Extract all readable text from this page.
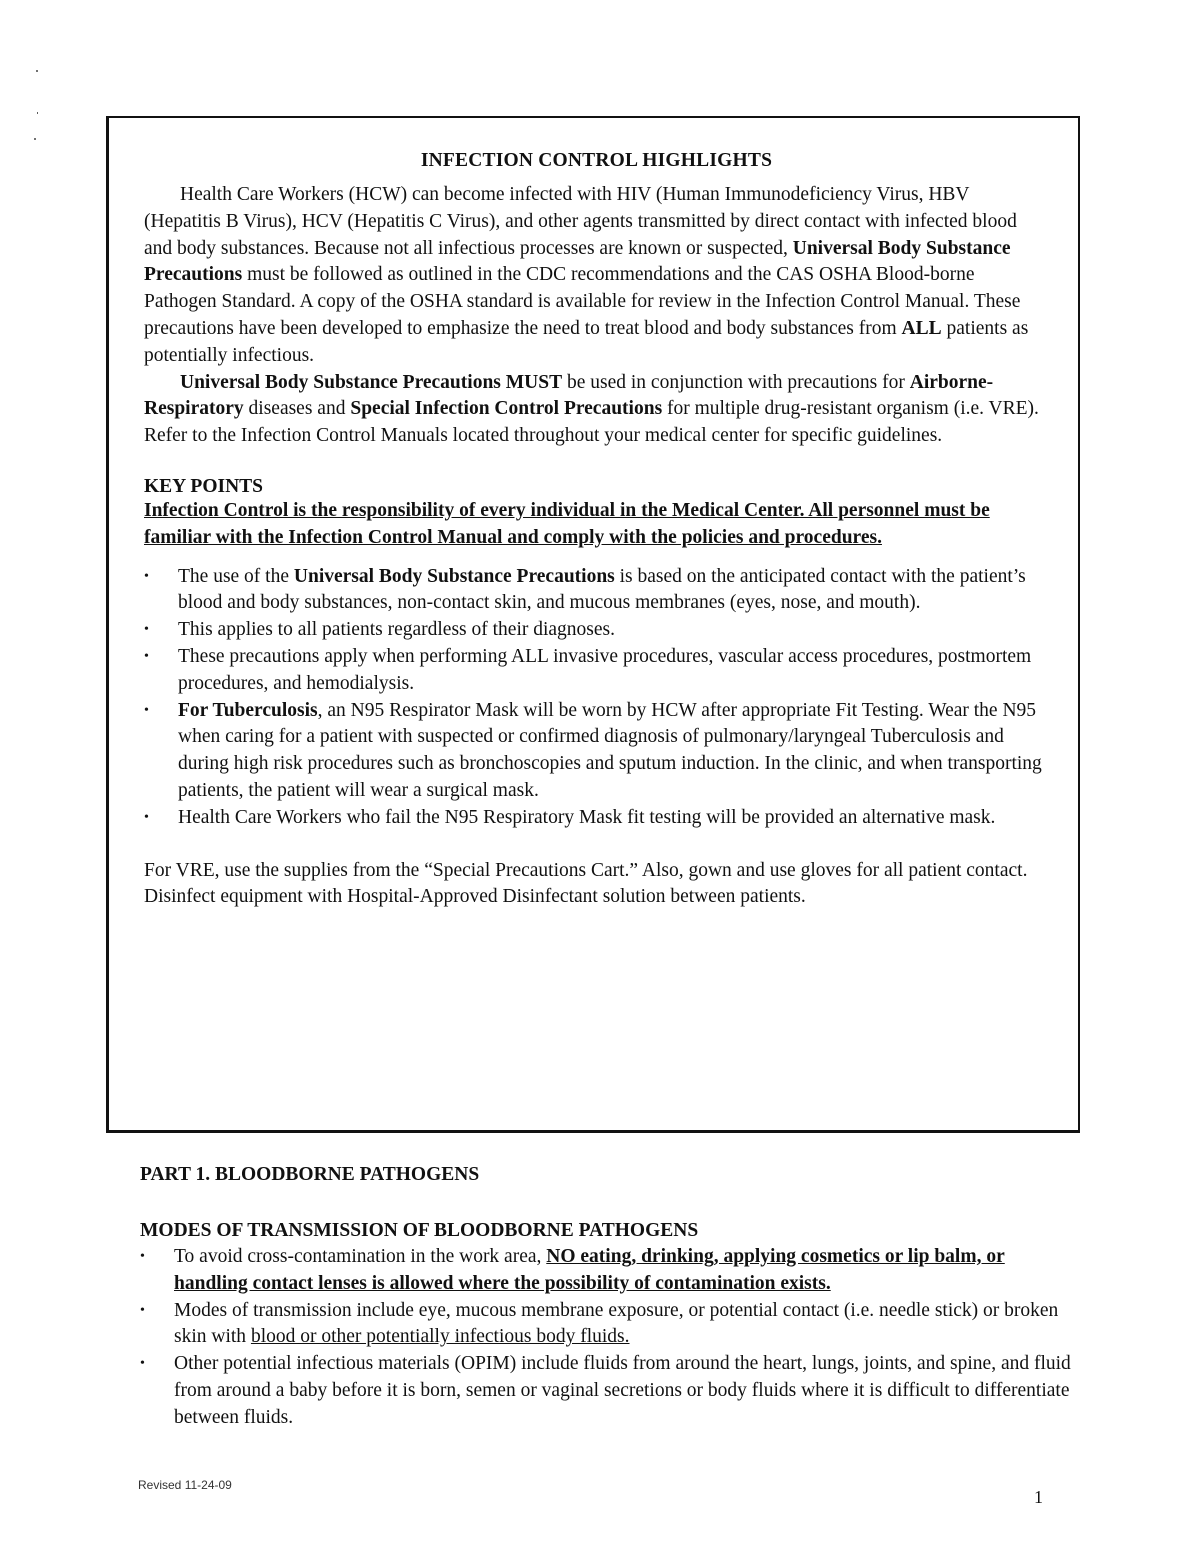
INFECTION CONTROL HIGHLIGHTS

Health Care Workers (HCW) can become infected with HIV (Human Immunodeficiency Virus, HBV (Hepatitis B Virus), HCV (Hepatitis C Virus), and other agents transmitted by direct contact with infected blood and body substances. Because not all infectious processes are known or suspected, Universal Body Substance Precautions must be followed as outlined in the CDC recommendations and the CAS OSHA Blood-borne Pathogen Standard. A copy of the OSHA standard is available for review in the Infection Control Manual. These precautions have been developed to emphasize the need to treat blood and body substances from ALL patients as potentially infectious.

Universal Body Substance Precautions MUST be used in conjunction with precautions for Airborne-Respiratory diseases and Special Infection Control Precautions for multiple drug-resistant organism (i.e. VRE). Refer to the Infection Control Manuals located throughout your medical center for specific guidelines.

KEY POINTS
Infection Control is the responsibility of every individual in the Medical Center. All personnel must be familiar with the Infection Control Manual and comply with the policies and procedures.
• The use of the Universal Body Substance Precautions is based on the anticipated contact with the patient’s blood and body substances, non-contact skin, and mucous membranes (eyes, nose, and mouth).
• This applies to all patients regardless of their diagnoses.
• These precautions apply when performing ALL invasive procedures, vascular access procedures, postmortem procedures, and hemodialysis.
• For Tuberculosis, an N95 Respirator Mask will be worn by HCW after appropriate Fit Testing. Wear the N95 when caring for a patient with suspected or confirmed diagnosis of pulmonary/laryngeal Tuberculosis and during high risk procedures such as bronchoscopies and sputum induction. In the clinic, and when transporting patients, the patient will wear a surgical mask.
• Health Care Workers who fail the N95 Respiratory Mask fit testing will be provided an alternative mask.
For VRE, use the supplies from the “Special Precautions Cart.” Also, gown and use gloves for all patient contact. Disinfect equipment with Hospital-Approved Disinfectant solution between patients.
PART 1. BLOODBORNE PATHOGENS
MODES OF TRANSMISSION OF BLOODBORNE PATHOGENS
• To avoid cross-contamination in the work area, NO eating, drinking, applying cosmetics or lip balm, or handling contact lenses is allowed where the possibility of contamination exists.
• Modes of transmission include eye, mucous membrane exposure, or potential contact (i.e. needle stick) or broken skin with blood or other potentially infectious body fluids.
• Other potential infectious materials (OPIM) include fluids from around the heart, lungs, joints, and spine, and fluid from around a baby before it is born, semen or vaginal secretions or body fluids where it is difficult to differentiate between fluids.
Revised 11-24-09
1
